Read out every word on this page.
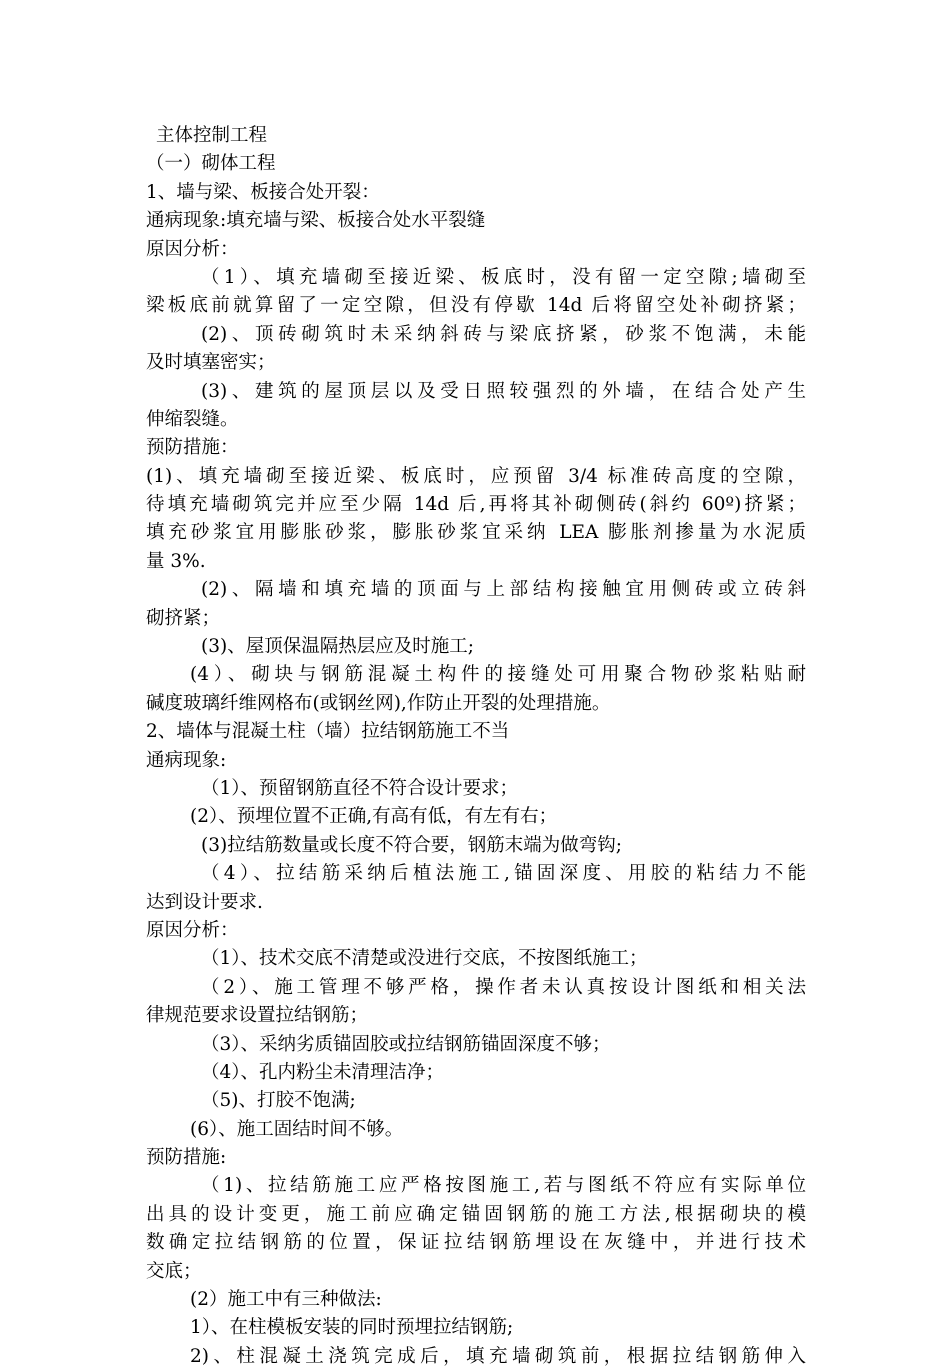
主体控制工程
（一）砌体工程
1、墙与梁、板接合处开裂：
通病现象:填充墙与梁、板接合处水平裂缝
原因分析：
（1）、填充墙砌至接近梁、板底时，没有留一定空隙;墙砌至
梁板底前就算留了一定空隙，但没有停歇 14d 后将留空处补砌挤紧；
(2)、顶砖砌筑时未采纳斜砖与梁底挤紧，砂浆不饱满，未能
及时填塞密实；
(3)、建筑的屋顶层以及受日照较强烈的外墙，在结合处产生
伸缩裂缝。
预防措施：
(1)、填充墙砌至接近梁、板底时，应预留 3/4 标准砖高度的空隙，
待填充墙砌筑完并应至少隔 14d 后,再将其补砌侧砖(斜约 60º)挤紧；
填充砂浆宜用膨胀砂浆，膨胀砂浆宜采纳 LEA 膨胀剂掺量为水泥质
量 3%.
(2)、隔墙和填充墙的顶面与上部结构接触宜用侧砖或立砖斜
砌挤紧；
(3)、屋顶保温隔热层应及时施工;
(4）、砌块与钢筋混凝土构件的接缝处可用聚合物砂浆粘贴耐
碱度玻璃纤维网格布(或钢丝网),作防止开裂的处理措施。
2、墙体与混凝土柱（墙）拉结钢筋施工不当
通病现象:
（1）、预留钢筋直径不符合设计要求；
(2）、预埋位置不正确,有高有低，有左有右；
(3)拉结筋数量或长度不符合要，钢筋末端为做弯钩;
（4）、拉结筋采纳后植法施工,锚固深度、用胶的粘结力不能
达到设计要求.
原因分析：
（1）、技术交底不清楚或没进行交底，不按图纸施工；
（2）、施工管理不够严格，操作者未认真按设计图纸和相关法
律规范要求设置拉结钢筋；
（3）、采纳劣质锚固胶或拉结钢筋锚固深度不够；
（4）、孔内粉尘未清理洁净；
（5)、打胶不饱满;
(6）、施工固结时间不够。
预防措施:
（1)、拉结筋施工应严格按图施工,若与图纸不符应有实际单位
出具的设计变更，施工前应确定锚固钢筋的施工方法,根据砌块的模
数确定拉结钢筋的位置，保证拉结钢筋埋设在灰缝中，并进行技术
交底；
(2）施工中有三种做法:
1）、在柱模板安装的同时预埋拉结钢筋;
2)、柱混凝土浇筑完成后，填充墙砌筑前，根据拉结钢筋伸入
